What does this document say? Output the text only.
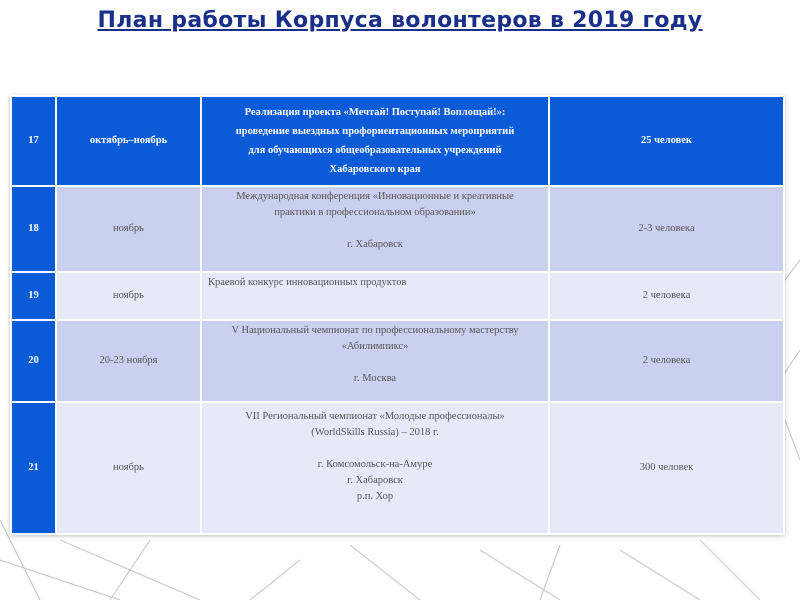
План работы Корпуса волонтеров в 2019 году
17	октябрь–ноябрь	Реализация проекта «Мечтай! Поступай! Воплощай!»:
проведение выездных профориентационных мероприятий
для обучающихся общеобразовательных учреждений
Хабаровского края	25 человек
18	ноябрь	Международная конференция «Инновационные и креативные
практики в профессиональном образовании»
г. Хабаровск	2-3 человека
19	ноябрь	Краевой конкурс инновационных продуктов	2 человека
20	20-23 ноября	V Национальный чемпионат по профессиональному мастерству
«Абилимпикс»
г. Москва	2 человека
21	ноябрь	VII Региональный чемпионат «Молодые профессионалы»
(WorldSkills Russia) – 2018 г.
г. Комсомольск-на-Амуре
г. Хабаровск
р.п. Хор	300 человек
